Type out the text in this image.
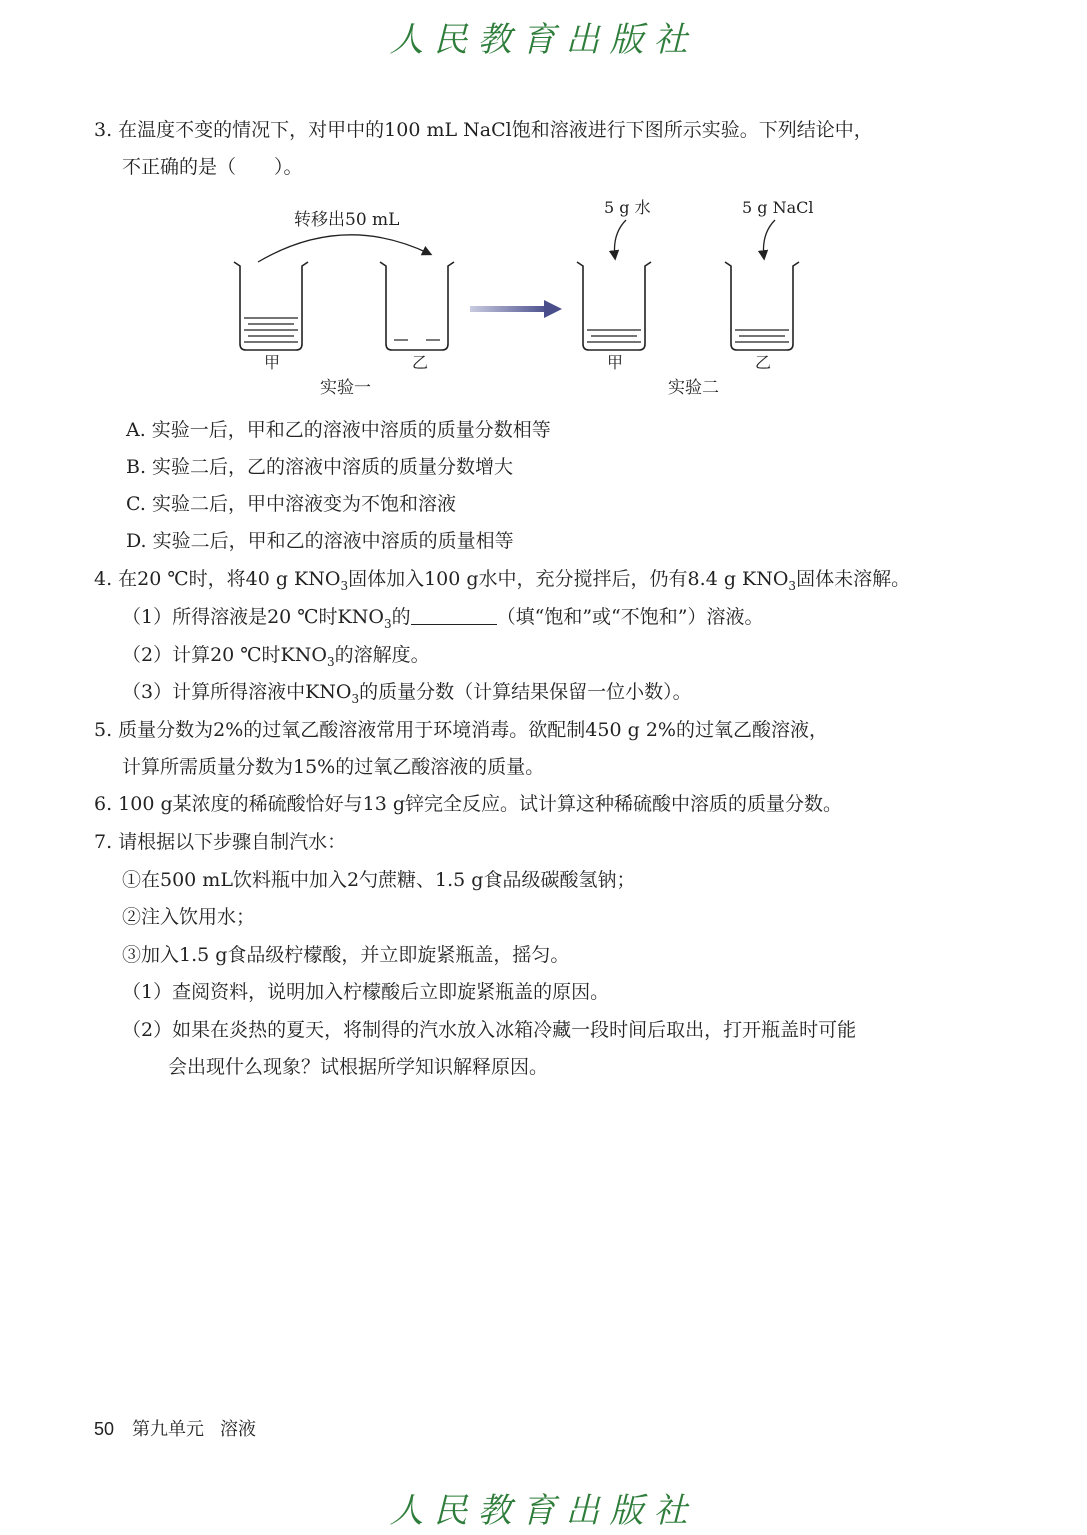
人民教育出版社
3. 在温度不变的情况下，对甲中的100 mL NaCl饱和溶液进行下图所示实验。下列结论中，
不正确的是（　　）。
转移出50 mL
甲	乙
实验一
5 g 水
甲
5 g NaCl
乙
实验二
A. 实验一后，甲和乙的溶液中溶质的质量分数相等
B. 实验二后，乙的溶液中溶质的质量分数增大
C. 实验二后，甲中溶液变为不饱和溶液
D. 实验二后，甲和乙的溶液中溶质的质量相等
4. 在20 ℃时，将40 g $KNO_3$固体加入100 g水中，充分搅拌后，仍有8.4 g $KNO_3$固体未溶解。
（1）所得溶液是20 ℃时$KNO_3$的	（填“饱和”或“不饱和”）溶液。
（2）计算20 ℃时$KNO_3$的溶解度。
（3）计算所得溶液中$KNO_3$的质量分数（计算结果保留一位小数）。
5. 质量分数为2%的过氧乙酸溶液常用于环境消毒。欲配制450 g 2%的过氧乙酸溶液，
计算所需质量分数为15%的过氧乙酸溶液的质量。
6. 100 g某浓度的稀硫酸恰好与13 g锌完全反应。试计算这种稀硫酸中溶质的质量分数。
7. 请根据以下步骤自制汽水：
①在500 mL饮料瓶中加入2勺蔗糖、1.5 g食品级碳酸氢钠；
②注入饮用水；
③加入1.5 g食品级柠檬酸，并立即旋紧瓶盖，摇匀。
（1）查阅资料，说明加入柠檬酸后立即旋紧瓶盖的原因。
（2）如果在炎热的夏天，将制得的汽水放入冰箱冷藏一段时间后取出，打开瓶盖时可能
会出现什么现象？试根据所学知识解释原因。
50 第九单元 溶液
人民教育出版社
